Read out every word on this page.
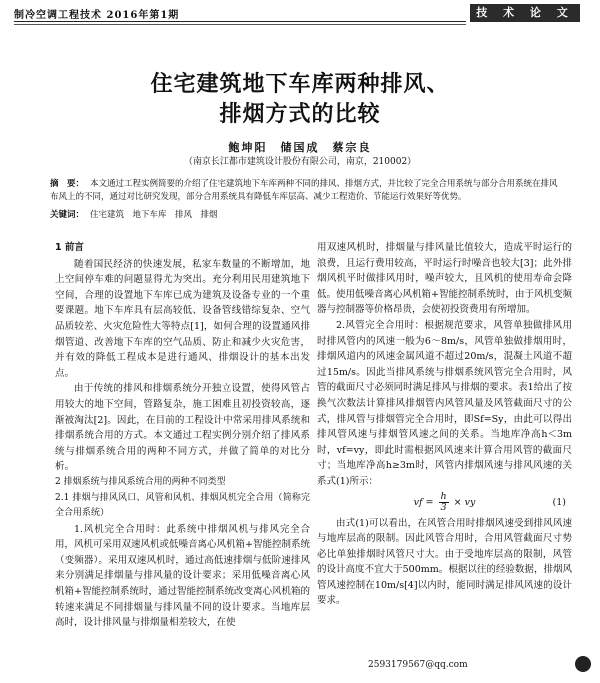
制冷空调工程技术 2016年第1期	技 术 论 文
住宅建筑地下车库两种排风、
排烟方式的比较
鲍坤阳　储国成　蔡宗良
（南京长江都市建筑设计股份有限公司，南京，210002）
摘　要： 本文通过工程实例简要的介绍了住宅建筑地下车库两种不同的排风、排烟方式，并比较了完全合用系统与部分合用系统在排风布风上的不同，通过对比研究发现，部分合用系统具有降低车库层高、减少工程造价、节能运行效果好等优势。
关键词： 住宅建筑　地下车库　排风　排烟

1 前言

随着国民经济的快速发展，私家车数量的不断增加，地上空间停车难的问题显得尤为突出。充分利用民用建筑地下空间，合理的设置地下车库已成为建筑及设备专业的一个重要课题。地下车库具有层高较低、设备管线错综复杂、空气品质较差、火灾危险性大等特点[1]，如何合理的设置通风排烟管道、改善地下车库的空气品质、防止和减少火灾危害，并有效的降低工程成本是进行通风、排烟设计的基本出发点。

由于传统的排风和排烟系统分开独立设置，使得风管占用较大的地下空间，管路复杂，施工困难且初投资较高，逐渐被淘汰[2]。因此，在目前的工程设计中常采用排风系统和排烟系统合用的方式。本文通过工程实例分别介绍了排风系统与排烟系统合用的两种不同方式，并做了简单的对比分析。

2 排烟系统与排风系统合用的两种不同类型

2.1 排烟与排风风口、风管和风机、排烟风机完全合用（简称完全合用系统）

1.风机完全合用时：此系统中排烟风机与排风完全合用，风机可采用双速风机或低噪音离心风机箱+智能控制系统（变频器）。采用双速风机时，通过高低速排烟与低阶速排风来分别满足排烟量与排风量的设计要求；采用低噪音离心风机箱+智能控制系统时，通过智能控制系统改变离心风机箱的转速来满足不同排烟量与排风量不同的设计要求。当地库层高时，设计排风量与排烟量相差较大，在使

用双速风机时，排烟量与排风量比值较大，造成平时运行的浪费，且运行费用较高，平时运行时噪音也较大[3]；此外排烟风机平时做排风用时，噪声较大，且风机的使用寿命会降低。使用低噪音离心风机箱+智能控制系统时，由于风机变频器与控制器等价格昂贵，会使初投资费用有所增加。

2.风管完全合用时：根据规范要求，风管单独做排风用时排风管内的风速一般为6～8m/s，风管单独做排烟用时，排烟风道内的风速金属风道不超过20m/s，混凝土风道不超过15m/s。因此当排风系统与排烟系统风管完全合用时，风管的截面尺寸必须同时满足排风与排烟的要求。表1给出了按换气次数法计算排风排烟管内风管风量及风管截面尺寸的公式，排风管与排烟管完全合用时，即Sf=Sy，由此可以得出排风管风速与排烟管风速之间的关系。当地库净高h＜3m时，vf=vy，即此时需根据风风速来计算合用风管的截面尺寸；当地库净高h≥3m时，风管内排烟风速与排风风速的关系式(1)所示：

vf = $\frac{h}{3}$ × vy	(1)

由式(1)可以看出，在风管合用时排烟风速受到排风风速与地库层高的限制。因此风管合用时，合用风管截面尺寸势必比单独排烟时风管尺寸大。由于受地库层高的限制，风管的设计高度不宜大于500mm。根据以往的经验数据，排烟风管风速控制在10m/s[4]以内时，能同时满足排风风速的设计要求。

2593179567@qq.com
